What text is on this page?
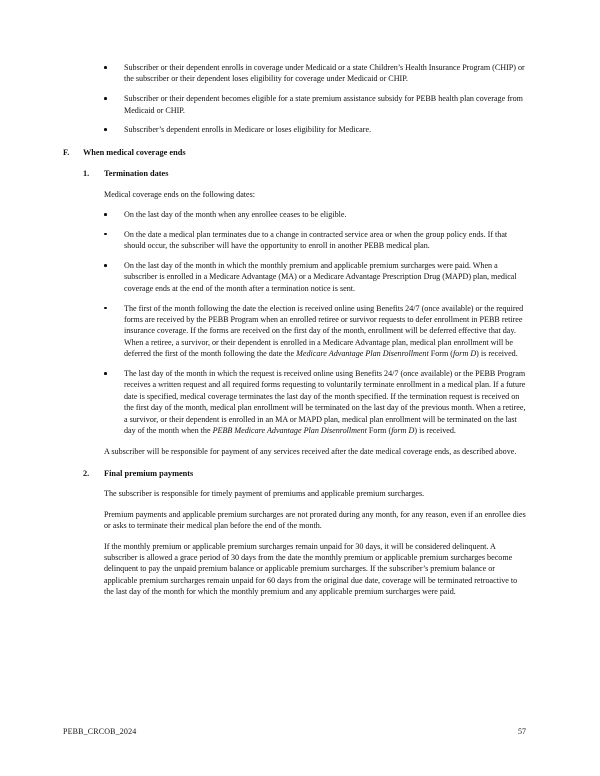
Subscriber or their dependent enrolls in coverage under Medicaid or a state Children’s Health Insurance Program (CHIP) or the subscriber or their dependent loses eligibility for coverage under Medicaid or CHIP.
Subscriber or their dependent becomes eligible for a state premium assistance subsidy for PEBB health plan coverage from Medicaid or CHIP.
Subscriber’s dependent enrolls in Medicare or loses eligibility for Medicare.
F.	When medical coverage ends
1.	Termination dates

Medical coverage ends on the following dates:

On the last day of the month when any enrollee ceases to be eligible.
On the date a medical plan terminates due to a change in contracted service area or when the group policy ends. If that should occur, the subscriber will have the opportunity to enroll in another PEBB medical plan.
On the last day of the month in which the monthly premium and applicable premium surcharges were paid. When a subscriber is enrolled in a Medicare Advantage (MA) or a Medicare Advantage Prescription Drug (MAPD) plan, medical coverage ends at the end of the month after a termination notice is sent.
The first of the month following the date the election is received online using Benefits 24/7 (once available) or the required forms are received by the PEBB Program when an enrolled retiree or survivor requests to defer enrollment in PEBB retiree insurance coverage. If the forms are received on the first day of the month, enrollment will be deferred effective that day. When a retiree, a survivor, or their dependent is enrolled in a Medicare Advantage plan, medical plan enrollment will be deferred the first of the month following the date the Medicare Advantage Plan Disenrollment Form (form D) is received.
The last day of the month in which the request is received online using Benefits 24/7 (once available) or the PEBB Program receives a written request and all required forms requesting to voluntarily terminate enrollment in a medical plan. If a future date is specified, medical coverage terminates the last day of the month specified. If the termination request is received on the first day of the month, medical plan enrollment will be terminated on the last day of the previous month. When a retiree, a survivor, or their dependent is enrolled in an MA or MAPD plan, medical plan enrollment will be terminated on the last day of the month when the PEBB Medicare Advantage Plan Disenrollment Form (form D) is received.

A subscriber will be responsible for payment of any services received after the date medical coverage ends, as described above.

2.	Final premium payments

The subscriber is responsible for timely payment of premiums and applicable premium surcharges.

Premium payments and applicable premium surcharges are not prorated during any month, for any reason, even if an enrollee dies or asks to terminate their medical plan before the end of the month.

If the monthly premium or applicable premium surcharges remain unpaid for 30 days, it will be considered delinquent. A subscriber is allowed a grace period of 30 days from the date the monthly premium or applicable premium surcharges become delinquent to pay the unpaid premium balance or applicable premium surcharges. If the subscriber’s premium balance or applicable premium surcharges remain unpaid for 60 days from the original due date, coverage will be terminated retroactive to the last day of the month for which the monthly premium and any applicable premium surcharges were paid.

PEBB_CRCOB_2024	57
